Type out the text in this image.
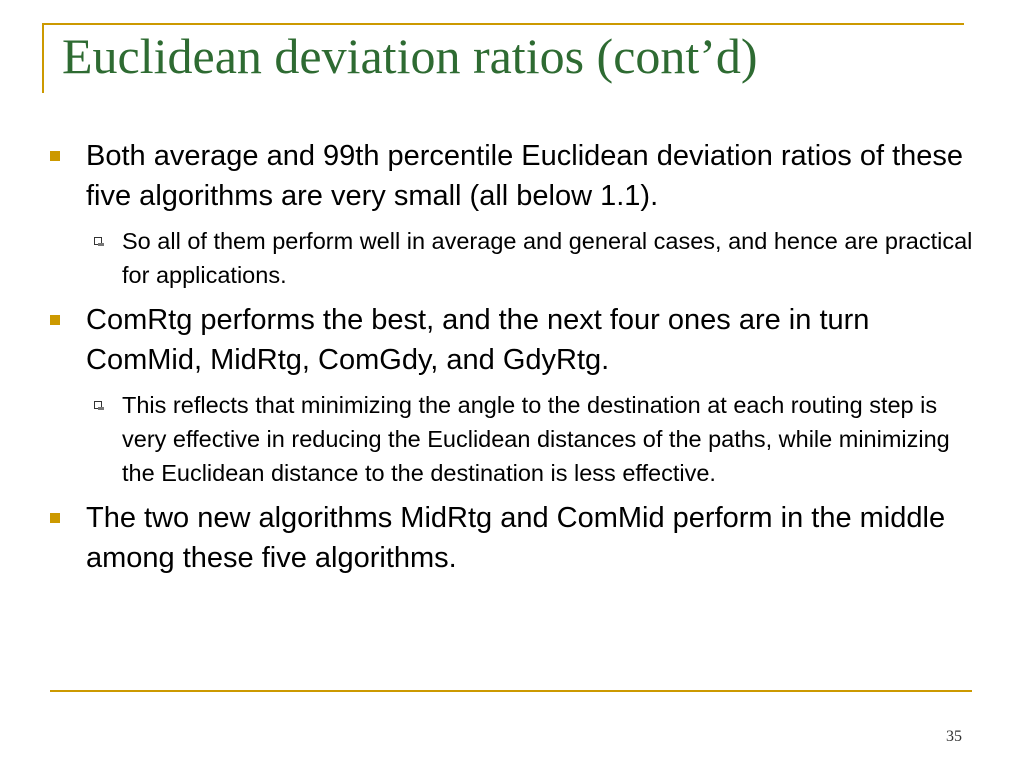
Euclidean deviation ratios (cont’d)
Both average and 99th percentile Euclidean deviation ratios of these five algorithms are very small (all below 1.1).
So all of them perform well in average and general cases, and hence are practical for applications.
ComRtg performs the best, and the next four ones are in turn ComMid, MidRtg, ComGdy, and GdyRtg.
This reflects that minimizing the angle to the destination at each routing step is very effective in reducing the Euclidean distances of the paths, while minimizing the Euclidean distance to the destination is less effective.
The two new algorithms MidRtg and ComMid perform in the middle among these five algorithms.
35
